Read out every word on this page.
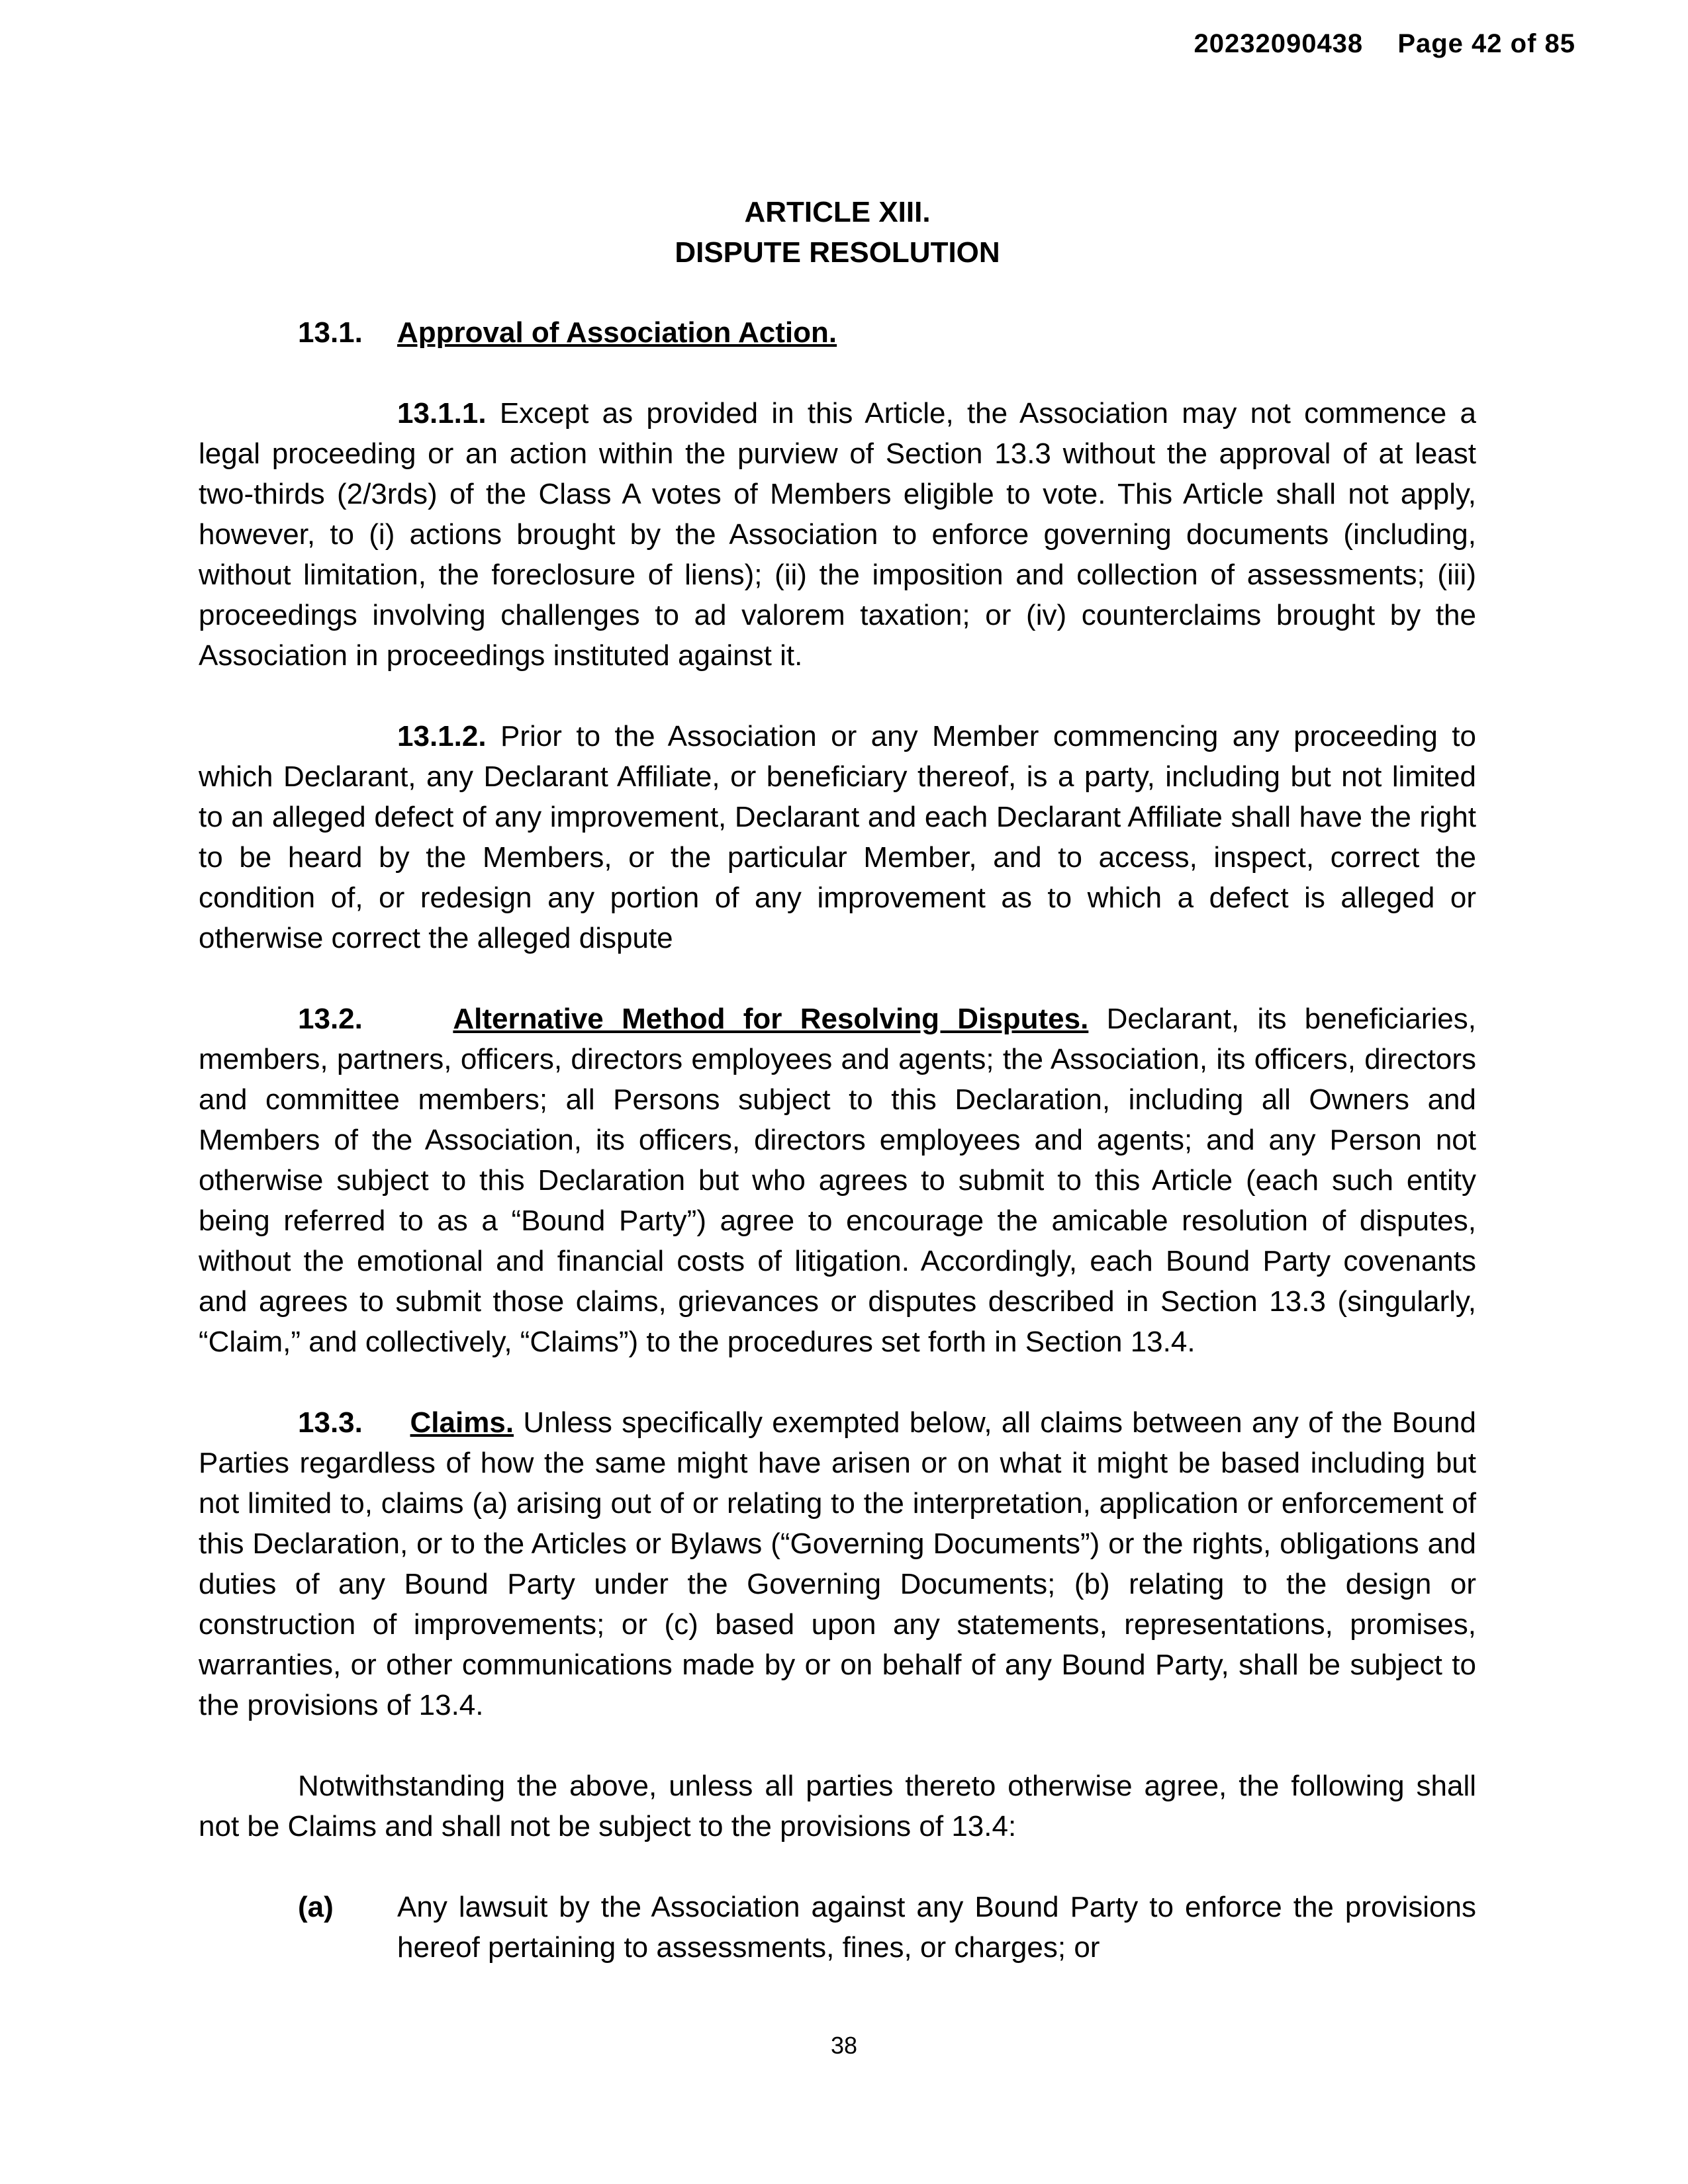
20232090438 Page 42 of 85

ARTICLE XIII.

DISPUTE RESOLUTION

13.1. Approval of Association Action.

13.1.1. Except as provided in this Article, the Association may not commence a legal proceeding or an action within the purview of Section 13.3 without the approval of at least two-thirds (2/3rds) of the Class A votes of Members eligible to vote. This Article shall not apply, however, to (i) actions brought by the Association to enforce governing documents (including, without limitation, the foreclosure of liens); (ii) the imposition and collection of assessments; (iii) proceedings involving challenges to ad valorem taxation; or (iv) counterclaims brought by the Association in proceedings instituted against it.

13.1.2. Prior to the Association or any Member commencing any proceeding to which Declarant, any Declarant Affiliate, or beneficiary thereof, is a party, including but not limited to an alleged defect of any improvement, Declarant and each Declarant Affiliate shall have the right to be heard by the Members, or the particular Member, and to access, inspect, correct the condition of, or redesign any portion of any improvement as to which a defect is alleged or otherwise correct the alleged dispute

13.2.	Alternative Method for Resolving Disputes. Declarant, its beneficiaries, members, partners, officers, directors employees and agents; the Association, its officers, directors and committee members; all Persons subject to this Declaration, including all Owners and Members of the Association, its officers, directors employees and agents; and any Person not otherwise subject to this Declaration but who agrees to submit to this Article (each such entity being referred to as a “Bound Party”) agree to encourage the amicable resolution of disputes, without the emotional and financial costs of litigation. Accordingly, each Bound Party covenants and agrees to submit those claims, grievances or disputes described in Section 13.3 (singularly, “Claim,” and collectively, “Claims”) to the procedures set forth in Section 13.4.

13.3. Claims. Unless specifically exempted below, all claims between any of the Bound Parties regardless of how the same might have arisen or on what it might be based including but not limited to, claims (a) arising out of or relating to the interpretation, application or enforcement of this Declaration, or to the Articles or Bylaws (“Governing Documents”) or the rights, obligations and duties of any Bound Party under the Governing Documents; (b) relating to the design or construction of improvements; or (c) based upon any statements, representations, promises, warranties, or other communications made by or on behalf of any Bound Party, shall be subject to the provisions of 13.4.

Notwithstanding the above, unless all parties thereto otherwise agree, the following shall not be Claims and shall not be subject to the provisions of 13.4:

(a)	Any lawsuit by the Association against any Bound Party to enforce the provisions hereof pertaining to assessments, fines, or charges; or
38
